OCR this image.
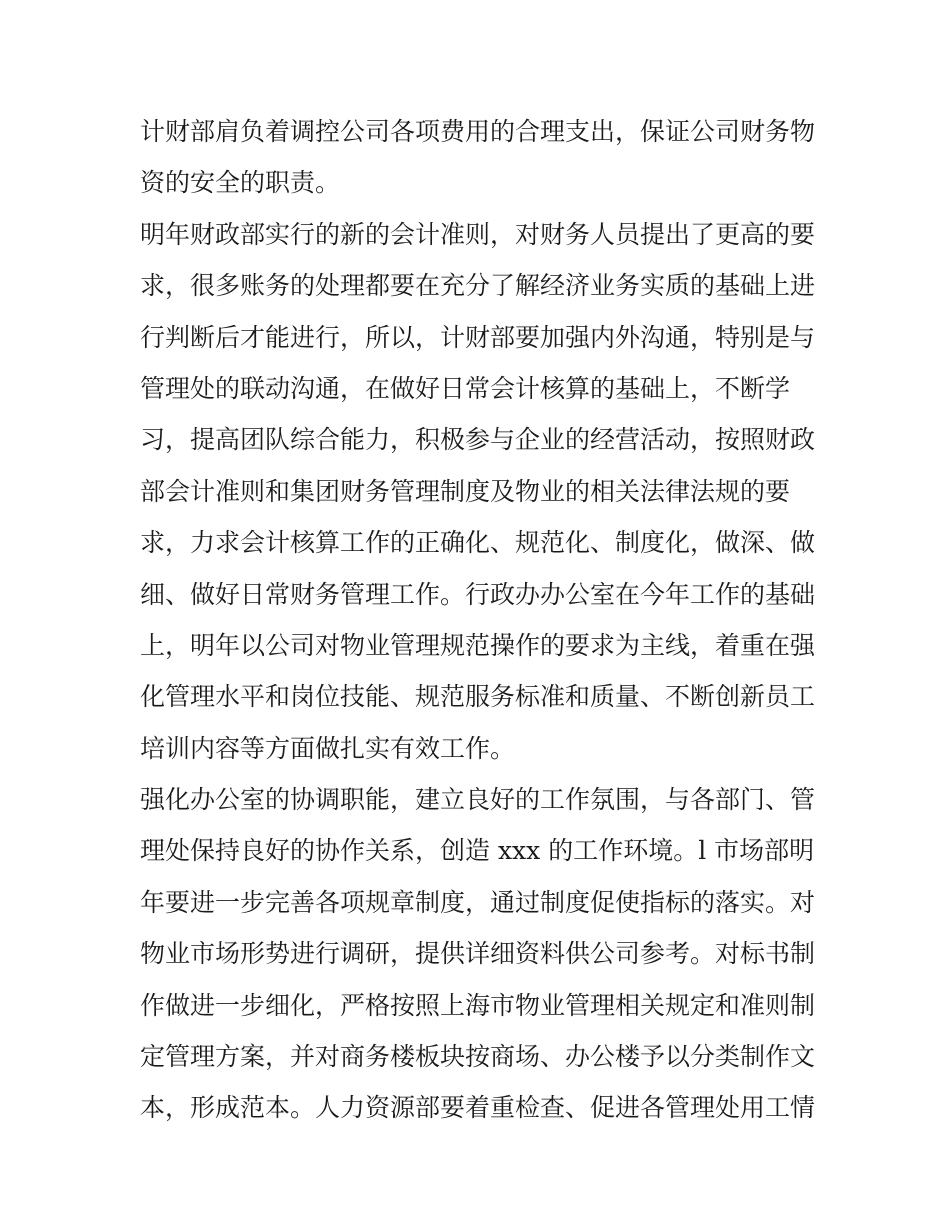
计财部肩负着调控公司各项费用的合理支出，保证公司财务物
资的安全的职责。
明年财政部实行的新的会计准则，对财务人员提出了更高的要
求，很多账务的处理都要在充分了解经济业务实质的基础上进
行判断后才能进行，所以，计财部要加强内外沟通，特别是与
管理处的联动沟通，在做好日常会计核算的基础上，不断学
习，提高团队综合能力，积极参与企业的经营活动，按照财政
部会计准则和集团财务管理制度及物业的相关法律法规的要
求，力求会计核算工作的正确化、规范化、制度化，做深、做
细、做好日常财务管理工作。行政办办公室在今年工作的基础
上，明年以公司对物业管理规范操作的要求为主线，着重在强
化管理水平和岗位技能、规范服务标准和质量、不断创新员工
培训内容等方面做扎实有效工作。
强化办公室的协调职能，建立良好的工作氛围，与各部门、管
理处保持良好的协作关系，创造 xxx 的工作环境。l 市场部明
年要进一步完善各项规章制度，通过制度促使指标的落实。对
物业市场形势进行调研，提供详细资料供公司参考。对标书制
作做进一步细化，严格按照上海市物业管理相关规定和准则制
定管理方案，并对商务楼板块按商场、办公楼予以分类制作文
本，形成范本。人力资源部要着重检查、促进各管理处用工情
